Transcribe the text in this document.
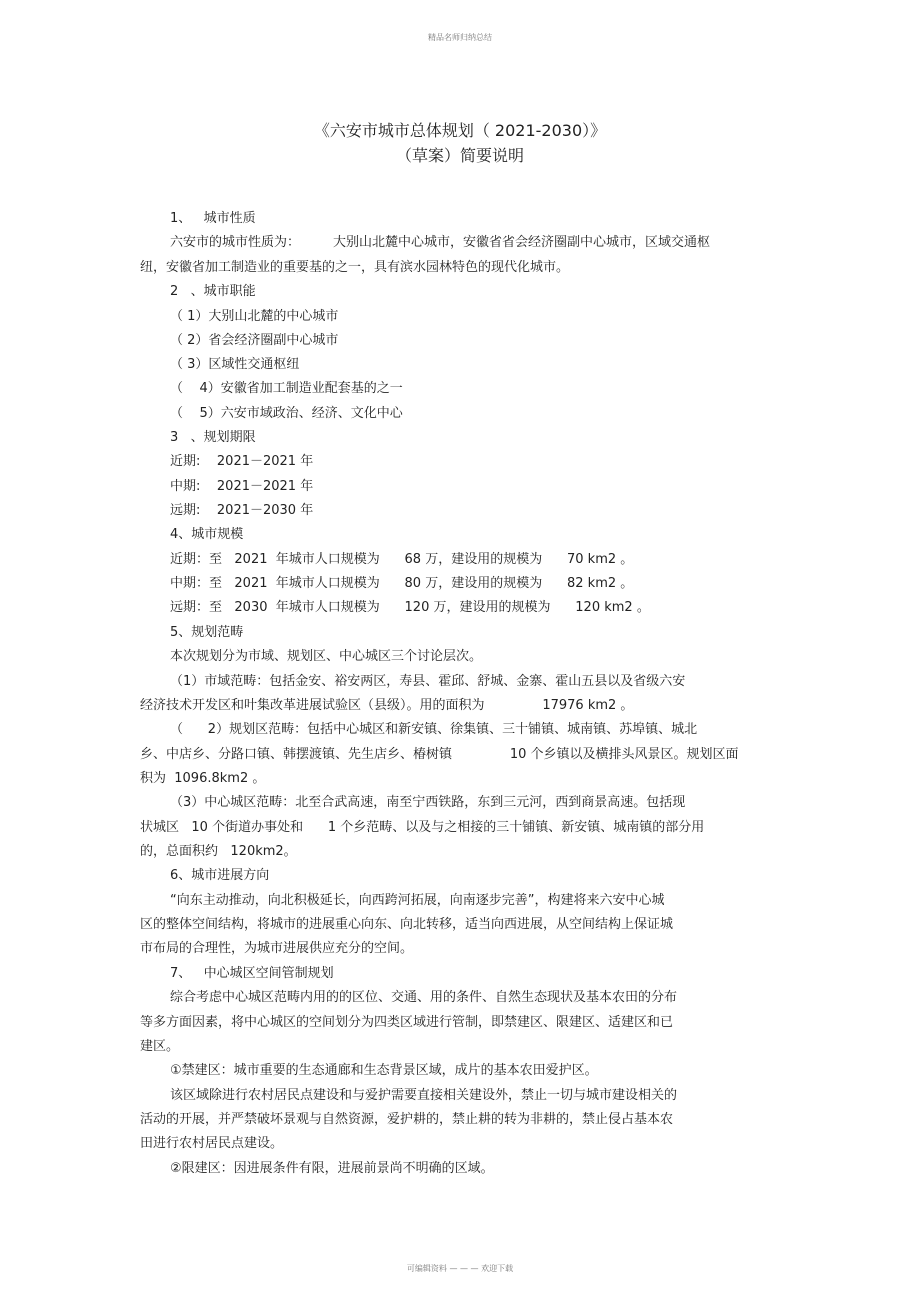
精品名师归纳总结
《六安市城市总体规划（ 2021-2030）》
（草案）简要说明
1、   城市性质
六安市的城市性质为：        大别山北麓中心城市，安徽省省会经济圈副中心城市，区域交通枢
纽，安徽省加工制造业的重要基的之一，具有滨水园林特色的现代化城市。
2   、城市职能
（ 1）大别山北麓的中心城市
（ 2）省会经济圈副中心城市
（ 3）区域性交通枢纽
（    4）安徽省加工制造业配套基的之一
（    5）六安市域政治、经济、文化中心
3   、规划期限
近期:    2021－2021 年
中期:    2021－2021 年
远期:    2021－2030 年
4、城市规模
近期：至   2021  年城市人口规模为      68 万，建设用的规模为      70 km2 。
中期：至   2021  年城市人口规模为      80 万，建设用的规模为      82 km2 。
远期：至   2030  年城市人口规模为      120 万，建设用的规模为      120 km2 。
5、规划范畴
本次规划分为市域、规划区、中心城区三个讨论层次。
（1）市域范畴：包括金安、裕安两区，寿县、霍邱、舒城、金寨、霍山五县以及省级六安
经济技术开发区和叶集改革进展试验区（县级）。用的面积为              17976 km2 。
（      2）规划区范畴：包括中心城区和新安镇、徐集镇、三十铺镇、城南镇、苏埠镇、城北
乡、中店乡、分路口镇、韩摆渡镇、先生店乡、椿树镇              10 个乡镇以及横排头风景区。规划区面
积为  1096.8km2 。
（3）中心城区范畴：北至合武高速，南至宁西铁路，东到三元河，西到商景高速。包括现
状城区   10 个街道办事处和      1 个乡范畴、以及与之相接的三十铺镇、新安镇、城南镇的部分用
的，总面积约   120km2。
6、城市进展方向
“向东主动推动，向北积极延长，向西跨河拓展，向南逐步完善”，构建将来六安中心城
区的整体空间结构，将城市的进展重心向东、向北转移，适当向西进展，从空间结构上保证城
市布局的合理性，为城市进展供应充分的空间。
7、   中心城区空间管制规划
综合考虑中心城区范畴内用的的区位、交通、用的条件、自然生态现状及基本农田的分布
等多方面因素，将中心城区的空间划分为四类区域进行管制，即禁建区、限建区、适建区和已
建区。
①禁建区：城市重要的生态通廊和生态背景区域，成片的基本农田爱护区。
该区域除进行农村居民点建设和与爱护需要直接相关建设外，禁止一切与城市建设相关的
活动的开展，并严禁破坏景观与自然资源，爱护耕的，禁止耕的转为非耕的，禁止侵占基本农
田进行农村居民点建设。
②限建区：因进展条件有限，进展前景尚不明确的区域。
可编辑资料 — — — 欢迎下载
